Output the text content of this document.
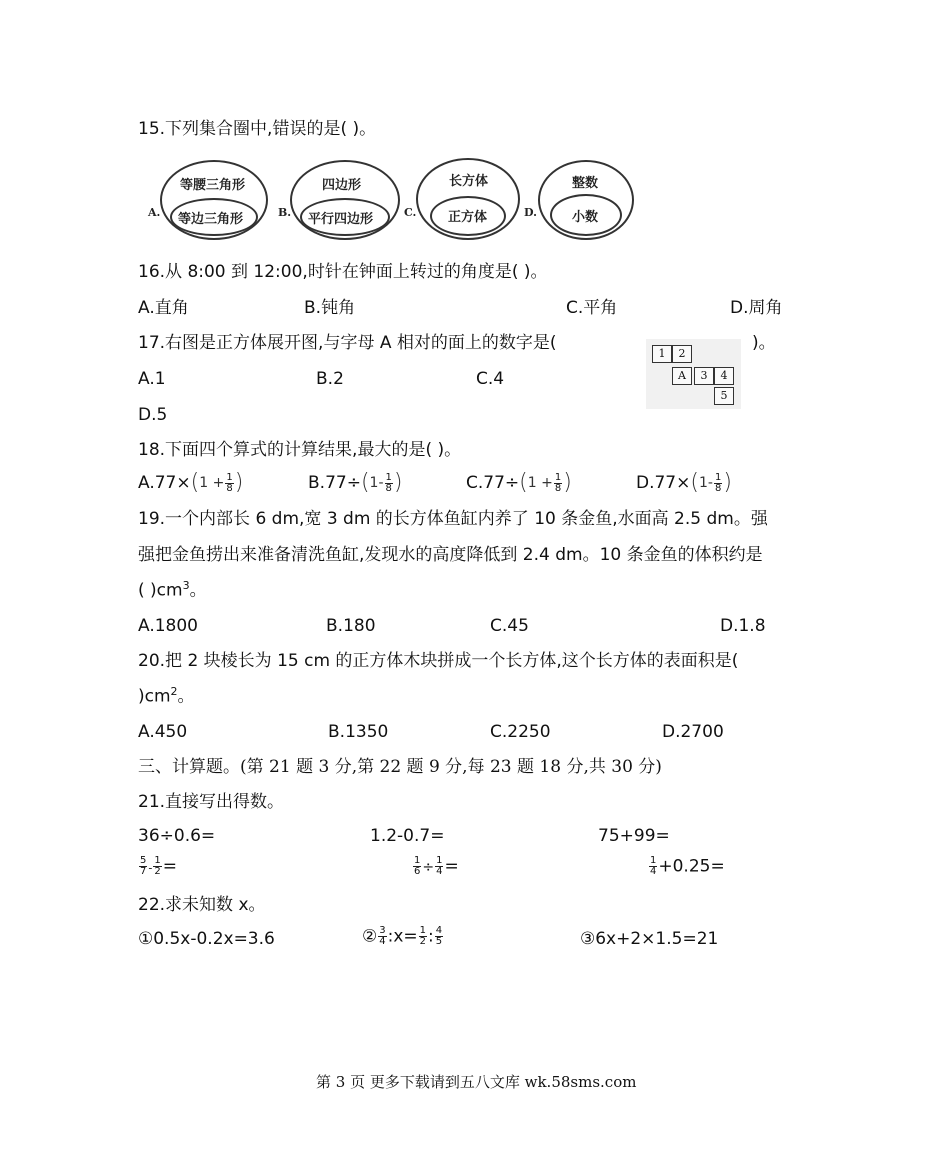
15.下列集合圈中,错误的是( )。
A.
等腰三角形
等边三角形	B.
四边形
平行四边形	C.
长方体
正方体	D.
整数
小数
16.从 8:00 到 12:00,时针在钟面上转过的角度是( )。
A.直角	B.钝角	C.平角	D.周角
17.右图是正方体展开图,与字母 A 相对的面上的数字是(	)。
1	2
A	3	4
5
A.1	B.2	C.4
D.5
18.下面四个算式的计算结果,最大的是( )。
$A.77\times(1 + \frac{1}{8}$ )	$B.77\div(1- \frac{1}{8}$ )	$C.77\div(1 + \frac{1}{8}$ )	$D.77\times(1- \frac{1}{8}$ )
19.一个内部长 6 dm,宽 3 dm 的长方体鱼缸内养了 10 条金鱼,水面高 2.5 dm。强
强把金鱼捞出来准备清洗鱼缸,发现水的高度降低到 2.4 dm。10 条金鱼的体积约是
( )$cm^3$。
A.1800	B.180	C.45	D.1.8
20.把 2 块棱长为 15 cm 的正方体木块拼成一个长方体,这个长方体的表面积是(
)$cm^2$。
A.450	B.1350	C.2250	D.2700
三、计算题。(第 21 题 3 分,第 22 题 9 分,每 23 题 18 分,共 30 分)
21.直接写出得数。
36÷0.6=	1.2-0.7=	75+99=
$\frac{5}{7} - \frac{1}{2}$ =	$\frac{1}{6} \div \frac{1}{4}$ =	$\frac{1}{4} +0.25=$
22.求未知数 x。
①0.5x-0.2x=3.6	② $\frac{3}{4}$ :x= $\frac{1}{2}$ : $\frac{4}{5}$	③6x+2×1.5=21
第 3 页 更多下载请到五八文库 wk.58sms.com
